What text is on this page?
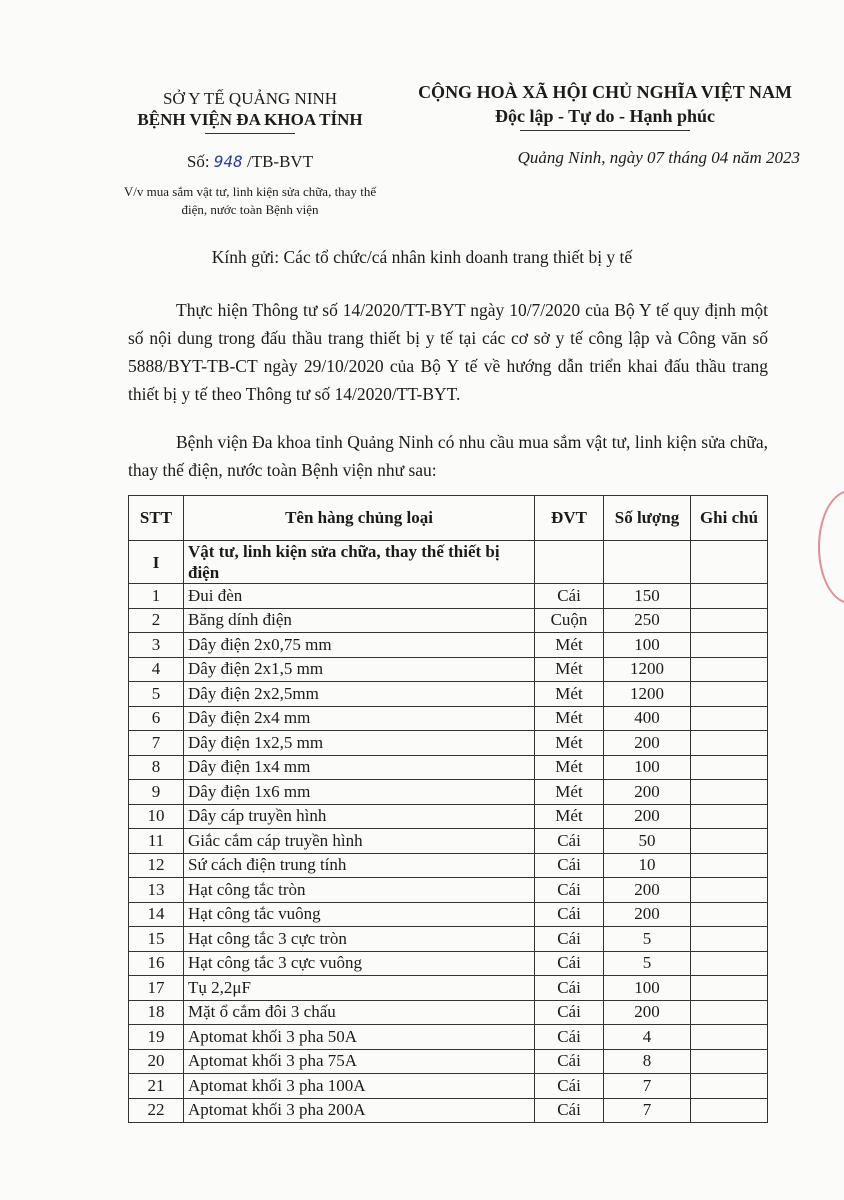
SỞ Y TẾ QUẢNG NINH
BỆNH VIỆN ĐA KHOA TỈNH
CỘNG HOÀ XÃ HỘI CHỦ NGHĨA VIỆT NAM
Độc lập - Tự do - Hạnh phúc
Số: 948 /TB-BVT	Quảng Ninh, ngày 07 tháng 04 năm 2023
V/v mua sắm vật tư, linh kiện sửa chữa, thay thế
điện, nước toàn Bệnh viện
Kính gửi: Các tổ chức/cá nhân kinh doanh trang thiết bị y tế

Thực hiện Thông tư số 14/2020/TT-BYT ngày 10/7/2020 của Bộ Y tế quy định một số nội dung trong đấu thầu trang thiết bị y tế tại các cơ sở y tế công lập và Công văn số 5888/BYT-TB-CT ngày 29/10/2020 của Bộ Y tế về hướng dẫn triển khai đấu thầu trang thiết bị y tế theo Thông tư số 14/2020/TT-BYT.

Bệnh viện Đa khoa tỉnh Quảng Ninh có nhu cầu mua sắm vật tư, linh kiện sửa chữa, thay thế điện, nước toàn Bệnh viện như sau:

STT	Tên hàng chủng loại	ĐVT	Số lượng	Ghi chú
I	Vật tư, linh kiện sửa chữa, thay thế thiết bị điện			
1	Đui đèn	Cái	150	
2	Băng dính điện	Cuộn	250	
3	Dây điện 2x0,75 mm	Mét	100	
4	Dây điện 2x1,5 mm	Mét	1200	
5	Dây điện 2x2,5mm	Mét	1200	
6	Dây điện 2x4 mm	Mét	400	
7	Dây điện 1x2,5 mm	Mét	200	
8	Dây điện 1x4 mm	Mét	100	
9	Dây điện 1x6 mm	Mét	200	
10	Dây cáp truyền hình	Mét	200	
11	Giắc cắm cáp truyền hình	Cái	50	
12	Sứ cách điện trung tính	Cái	10	
13	Hạt công tắc tròn	Cái	200	
14	Hạt công tắc vuông	Cái	200	
15	Hạt công tắc 3 cực tròn	Cái	5	
16	Hạt công tắc 3 cực vuông	Cái	5	
17	Tụ 2,2μF	Cái	100	
18	Mặt ổ cắm đôi 3 chấu	Cái	200	
19	Aptomat khối 3 pha 50A	Cái	4	
20	Aptomat khối 3 pha 75A	Cái	8	
21	Aptomat khối 3 pha 100A	Cái	7	
22	Aptomat khối 3 pha 200A	Cái	7	
